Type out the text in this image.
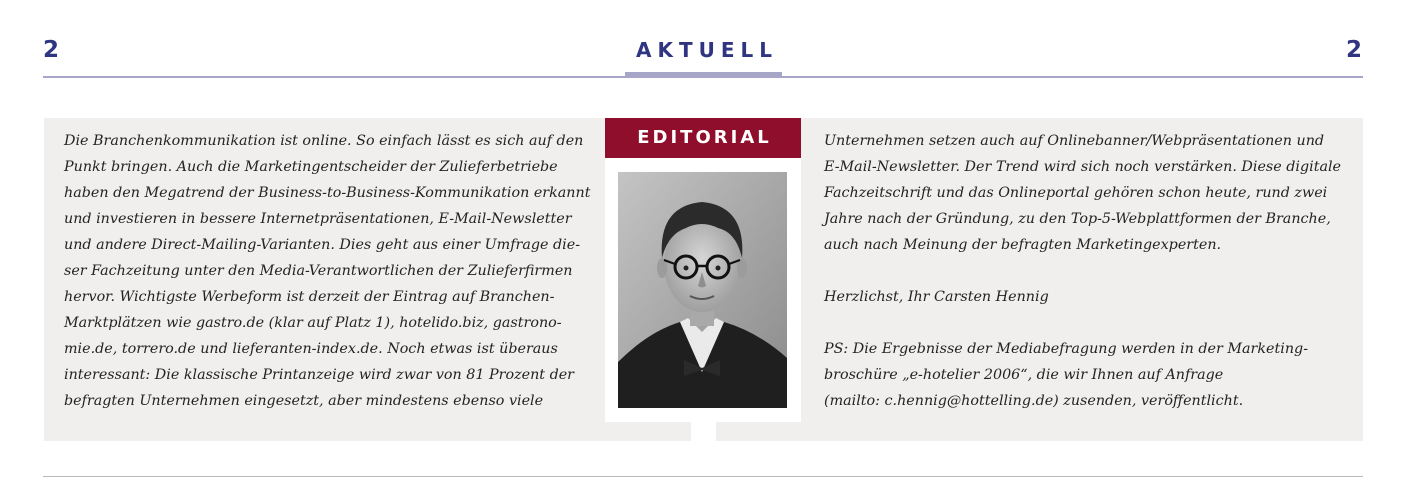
2	AKTUELL	2
Die Branchenkommunikation ist online. So einfach lässt es sich auf den
Punkt bringen. Auch die Marketingentscheider der Zulieferbetriebe
haben den Megatrend der Business-to-Business-Kommunikation erkannt
und investieren in bessere Internetpräsentationen, E-Mail-Newsletter
und andere Direct-Mailing-Varianten. Dies geht aus einer Umfrage die-
ser Fachzeitung unter den Media-Verantwortlichen der Zulieferfirmen
hervor. Wichtigste Werbeform ist derzeit der Eintrag auf Branchen-
Marktplätzen wie gastro.de (klar auf Platz 1), hotelido.biz, gastrono-
mie.de, torrero.de und lieferanten-index.de. Noch etwas ist überaus
interessant: Die klassische Printanzeige wird zwar von 81 Prozent der
befragten Unternehmen eingesetzt, aber mindestens ebenso viele
EDITORIAL	Unternehmen setzen auch auf Onlinebanner/Webpräsentationen und
E-Mail-Newsletter. Der Trend wird sich noch verstärken. Diese digitale
Fachzeitschrift und das Onlineportal gehören schon heute, rund zwei
Jahre nach der Gründung, zu den Top-5-Webplattformen der Branche,
auch nach Meinung der befragten Marketingexperten.
Herzlichst, Ihr Carsten Hennig
PS: Die Ergebnisse der Mediabefragung werden in der Marketing-
broschüre „e-hotelier 2006“, die wir Ihnen auf Anfrage
(mailto: c.hennig@hottelling.de) zusenden, veröffentlicht.
